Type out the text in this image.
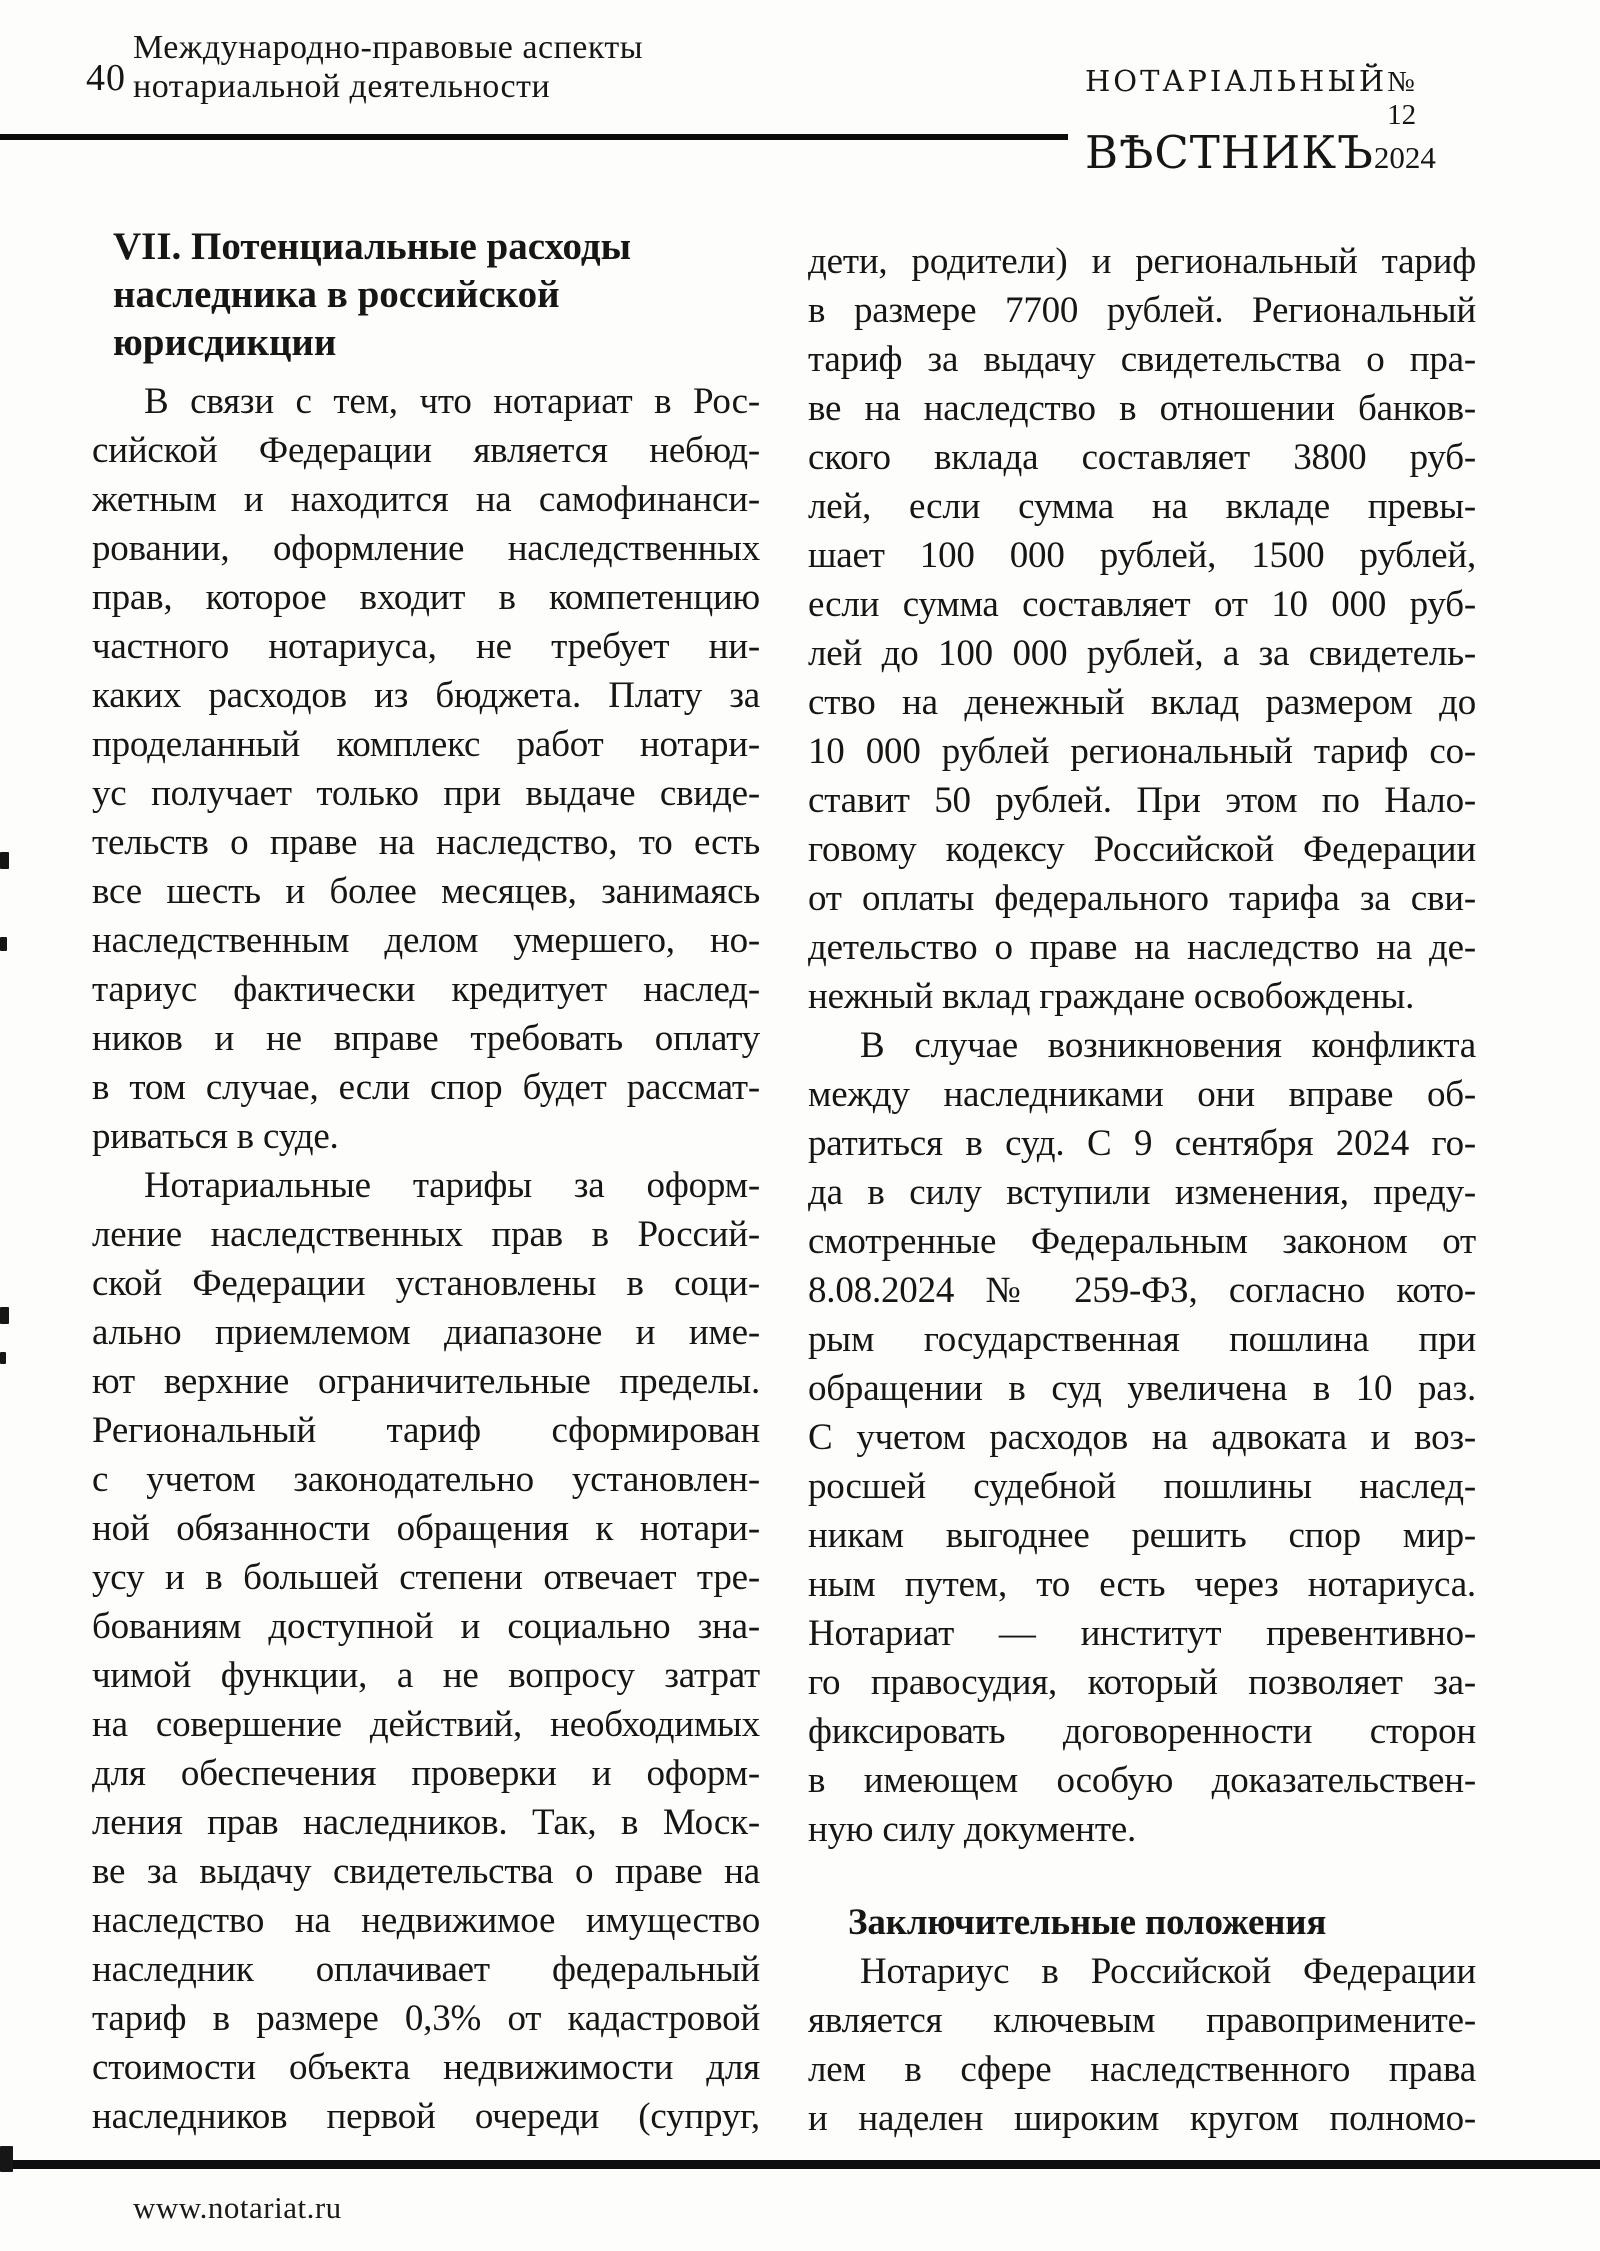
40
Международно-правовые аспекты
нотариальной деятельности	НОТАРІАЛЬНЫЙ № 12
ВѢСТНИКЪ 2024
VII. Потенциальные расходы
наследника в российской
юрисдикции
В связи с тем, что нотариат в Рос-
сийской Федерации является небюд-
жетным и находится на самофинанси-
ровании, оформление наследственных
прав, которое входит в компетенцию
частного нотариуса, не требует ни-
каких расходов из бюджета. Плату за
проделанный комплекс работ нотари-
ус получает только при выдаче свиде-
тельств о праве на наследство, то есть
все шесть и более месяцев, занимаясь
наследственным делом умершего, но-
тариус фактически кредитует наслед-
ников и не вправе требовать оплату
в том случае, если спор будет рассмат-
риваться в суде.
Нотариальные тарифы за оформ-
ление наследственных прав в Россий-
ской Федерации установлены в соци-
ально приемлемом диапазоне и име-
ют верхние ограничительные пределы.
Региональный тариф сформирован
с учетом законодательно установлен-
ной обязанности обращения к нотари-
усу и в большей степени отвечает тре-
бованиям доступной и социально зна-
чимой функции, а не вопросу затрат
на совершение действий, необходимых
для обеспечения проверки и оформ-
ления прав наследников. Так, в Моск-
ве за выдачу свидетельства о праве на
наследство на недвижимое имущество
наследник оплачивает федеральный
тариф в размере 0,3% от кадастровой
стоимости объекта недвижимости для
наследников первой очереди (супруг,
дети, родители) и региональный тариф
в размере 7700 рублей. Региональный
тариф за выдачу свидетельства о пра-
ве на наследство в отношении банков-
ского вклада составляет 3800 руб-
лей, если сумма на вкладе превы-
шает 100 000 рублей, 1500 рублей,
если сумма составляет от 10 000 руб-
лей до 100 000 рублей, а за свидетель-
ство на денежный вклад размером до
10 000 рублей региональный тариф со-
ставит 50 рублей. При этом по Нало-
говому кодексу Российской Федерации
от оплаты федерального тарифа за сви-
детельство о праве на наследство на де-
нежный вклад граждане освобождены.
В случае возникновения конфликта
между наследниками они вправе об-
ратиться в суд. С 9 сентября 2024 го-
да в силу вступили изменения, преду-
смотренные Федеральным законом от
8.08.2024 № 259-ФЗ, согласно кото-
рым государственная пошлина при
обращении в суд увеличена в 10 раз.
С учетом расходов на адвоката и воз-
росшей судебной пошлины наслед-
никам выгоднее решить спор мир-
ным путем, то есть через нотариуса.
Нотариат — институт превентивно-
го правосудия, который позволяет за-
фиксировать договоренности сторон
в имеющем особую доказательствен-
ную силу документе.
Заключительные положения
Нотариус в Российской Федерации
является ключевым правопримените-
лем в сфере наследственного права
и наделен широким кругом полномо-
www.notariat.ru
